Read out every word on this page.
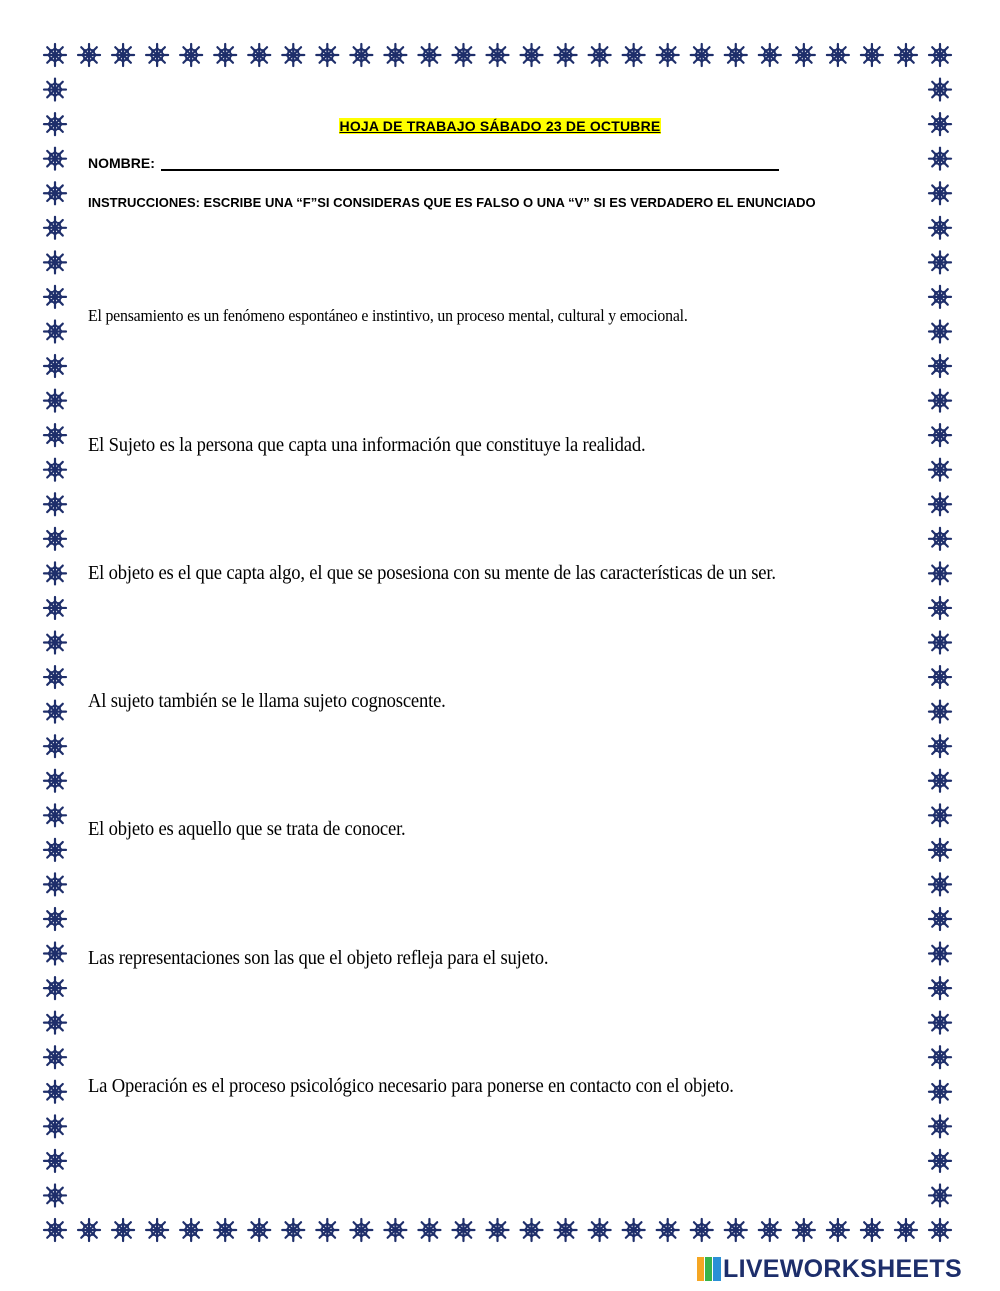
HOJA DE TRABAJO SÁBADO 23 DE OCTUBRE
NOMBRE:
INSTRUCCIONES: ESCRIBE UNA “F”SI CONSIDERAS QUE ES FALSO O UNA “V” SI ES VERDADERO EL ENUNCIADO
El pensamiento es un fenómeno espontáneo e instintivo, un proceso mental, cultural y emocional.
El Sujeto es la persona que capta una información que constituye la realidad.
El objeto es el que capta algo, el que se posesiona con su mente de las características de un ser.
Al sujeto también se le llama sujeto cognoscente.
El objeto es aquello que se trata de conocer.
Las representaciones son las que el objeto refleja para el sujeto.
La Operación es el proceso psicológico necesario para ponerse en contacto con el objeto.
LIVEWORKSHEETS
